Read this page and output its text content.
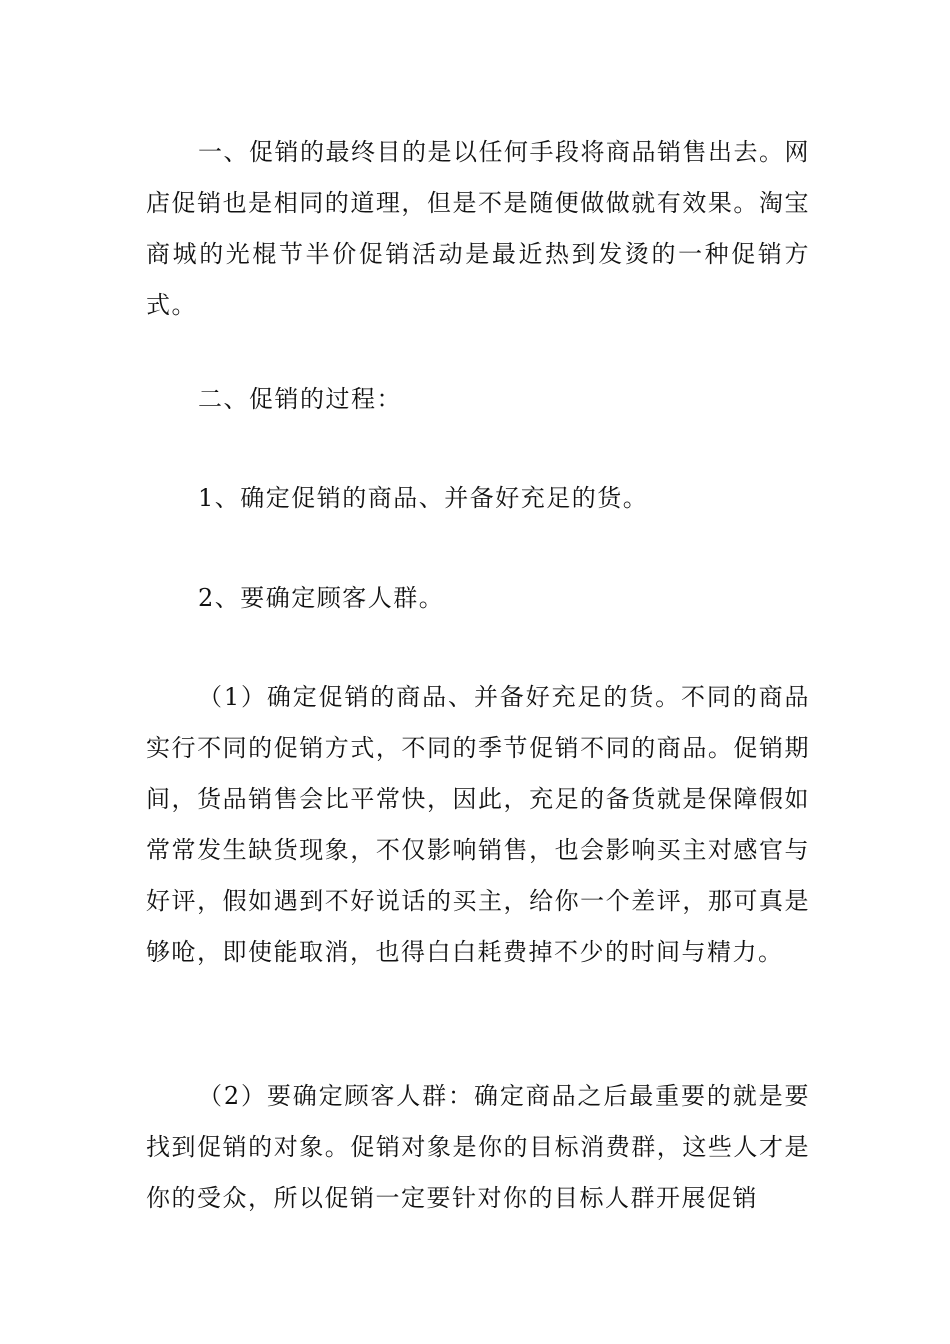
一、促销的最终目的是以任何手段将商品销售出去。网店促销也是相同的道理，但是不是随便做做就有效果。淘宝商城的光棍节半价促销活动是最近热到发烫的一种促销方式。

二、促销的过程：

1、确定促销的商品、并备好充足的货。

2、要确定顾客人群。

（1）确定促销的商品、并备好充足的货。不同的商品实行不同的促销方式，不同的季节促销不同的商品。促销期间，货品销售会比平常快，因此，充足的备货就是保障假如常常发生缺货现象，不仅影响销售，也会影响买主对感官与好评，假如遇到不好说话的买主，给你一个差评，那可真是够呛，即使能取消，也得白白耗费掉不少的时间与精力。

（2）要确定顾客人群：确定商品之后最重要的就是要找到促销的对象。促销对象是你的目标消费群，这些人才是你的受众，所以促销一定要针对你的目标人群开展促销
